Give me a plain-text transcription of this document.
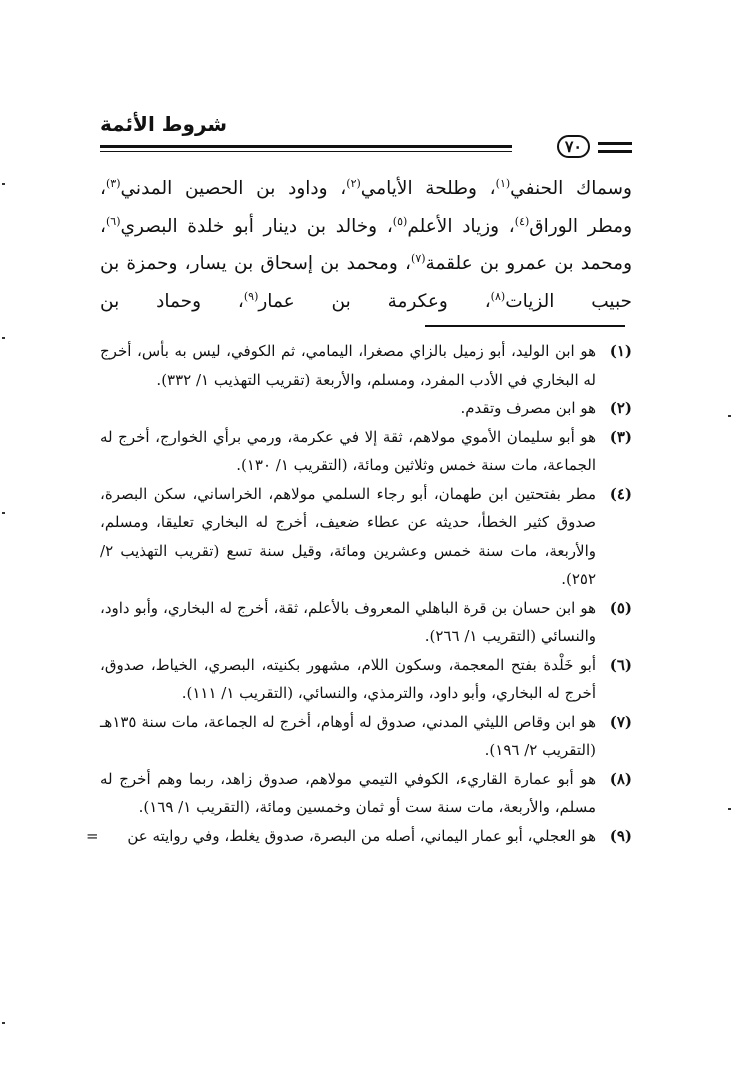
شروط الأئمة
٧٠

وسماك الحنفي$^{(١)}$، وطلحة الأيامي$^{(٢)}$، وداود بن الحصين المدني$^{(٣)}$، ومطر الوراق$^{(٤)}$، وزياد الأعلم$^{(٥)}$، وخالد بن دينار أبو خلدة البصري$^{(٦)}$، ومحمد بن عمرو بن علقمة$^{(٧)}$، ومحمد بن إسحاق بن يسار، وحمزة بن حبيب الزيات$^{(٨)}$، وعكرمة بن عمار$^{(٩)}$، وحماد بن

(١)
هو ابن الوليد، أبو زميل بالزاي مصغرا، اليمامي، ثم الكوفي، ليس به بأس، أخرج له البخاري في الأدب المفرد، ومسلم، والأربعة (تقريب التهذيب ١/ ٣٣٢).
(٢)
هو ابن مصرف وتقدم.
(٣)
هو أبو سليمان الأموي مولاهم، ثقة إلا في عكرمة، ورمي برأي الخوارج، أخرج له الجماعة، مات سنة خمس وثلاثين ومائة، (التقريب ١/ ١٣٠).
(٤)
مطر بفتحتين ابن طهمان، أبو رجاء السلمي مولاهم، الخراساني، سكن البصرة، صدوق كثير الخطأ، حديثه عن عطاء ضعيف، أخرج له البخاري تعليقا، ومسلم، والأربعة، مات سنة خمس وعشرين ومائة، وقيل سنة تسع (تقريب التهذيب ٢/ ٢٥٢).
(٥)
هو ابن حسان بن قرة الباهلي المعروف بالأعلم، ثقة، أخرج له البخاري، وأبو داود، والنسائي (التقريب ١/ ٢٦٦).
(٦)
أبو خَلْدة بفتح المعجمة، وسكون اللام، مشهور بكنيته، البصري، الخياط، صدوق، أخرج له البخاري، وأبو داود، والترمذي، والنسائي، (التقريب ١/ ١١١).
(٧)
هو ابن وقاص الليثي المدني، صدوق له أوهام، أخرج له الجماعة، مات سنة ١٣٥هـ (التقريب ٢/ ١٩٦).
(٨)
هو أبو عمارة القاريء، الكوفي التيمي مولاهم، صدوق زاهد، ربما وهم أخرج له مسلم، والأربعة، مات سنة ست أو ثمان وخمسين ومائة، (التقريب ١/ ١٦٩).
(٩)
هو العجلي، أبو عمار اليماني، أصله من البصرة، صدوق يغلط، وفي روايته عن
=
